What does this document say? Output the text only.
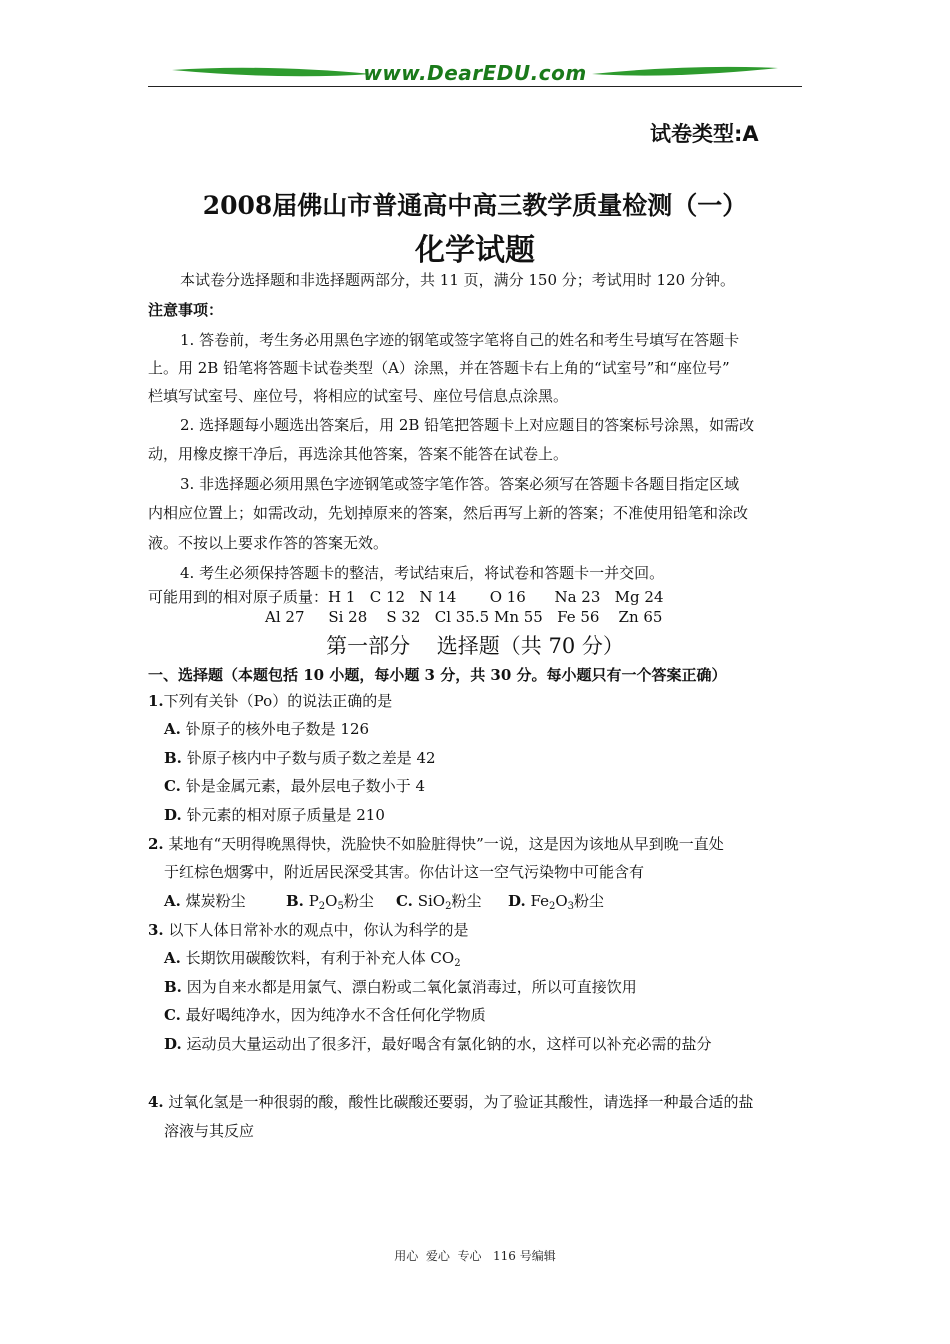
www.DearEDU.com
试卷类型:A
2008届佛山市普通高中高三教学质量检测（一）
化学试题
本试卷分选择题和非选择题两部分，共 11 页，满分 150 分；考试用时 120 分钟。
注意事项：
1. 答卷前，考生务必用黑色字迹的钢笔或签字笔将自己的姓名和考生号填写在答题卡
上。用 2B 铅笔将答题卡试卷类型（A）涂黑，并在答题卡右上角的“试室号”和“座位号”
栏填写试室号、座位号，将相应的试室号、座位号信息点涂黑。
2. 选择题每小题选出答案后，用 2B 铅笔把答题卡上对应题目的答案标号涂黑，如需改
动，用橡皮擦干净后，再选涂其他答案，答案不能答在试卷上。
3. 非选择题必须用黑色字迹钢笔或签字笔作答。答案必须写在答题卡各题目指定区域
内相应位置上；如需改动，先划掉原来的答案，然后再写上新的答案；不准使用铅笔和涂改
液。不按以上要求作答的答案无效。
4. 考生必须保持答题卡的整洁，考试结束后，将试卷和答题卡一并交回。
可能用到的相对原子质量：H 1   C 12   N 14       O 16      Na 23   Mg 24
Al 27     Si 28    S 32   Cl 35.5 Mn 55   Fe 56    Zn 65
第一部分    选择题（共 70 分）
一、选择题（本题包括 10 小题，每小题 3 分，共 30 分。每小题只有一个答案正确）
1.下列有关钋（Po）的说法正确的是
A. 钋原子的核外电子数是 126
B. 钋原子核内中子数与质子数之差是 42
C. 钋是金属元素，最外层电子数小于 4
D. 钋元素的相对原子质量是 210
2. 某地有“天明得晚黑得快，洗脸快不如脸脏得快”一说，这是因为该地从早到晚一直处
于红棕色烟雾中，附近居民深受其害。你估计这一空气污染物中可能含有
A. 煤炭粉尘	B. $P_2O_5$粉尘 C. SiO$_2$粉尘 D. $Fe_2O_3$粉尘
3. 以下人体日常补水的观点中，你认为科学的是
A. 长期饮用碳酸饮料，有利于补充人体 $CO_2$
B. 因为自来水都是用氯气、漂白粉或二氧化氯消毒过，所以可直接饮用
C. 最好喝纯净水，因为纯净水不含任何化学物质
D. 运动员大量运动出了很多汗，最好喝含有氯化钠的水，这样可以补充必需的盐分
4. 过氧化氢是一种很弱的酸，酸性比碳酸还要弱，为了验证其酸性，请选择一种最合适的盐
溶液与其反应
用心  爱心  专心   116 号编辑
